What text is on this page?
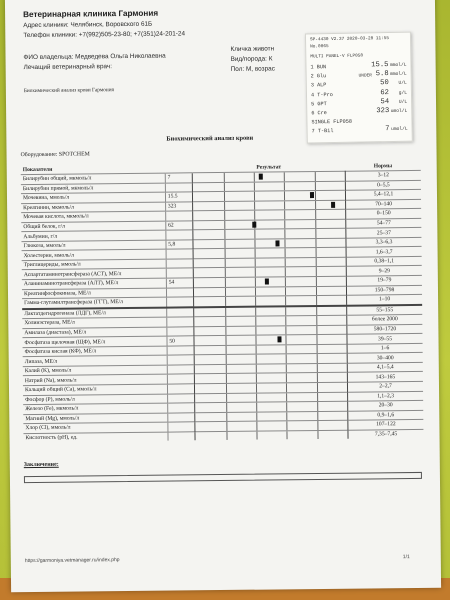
Ветеринарная клиника Гармония
Адрес клиники: Челябинск, Воровского 61Б
Телефон клиники: +7(992)505-23-80; +7(351)24-201-24
ФИО владельца: Медведева Ольга Николаевна
Лечащий ветеринарный врач:
Кличка животн
Вид/порода: К
Пол: М, возрас
Биохимический анализ крови Гармония
Биохимический анализ крови
Оборудование: SPOTCHEM
Показатели		Результат	Нормы
Билирубин общий, мкмоль/л	7		3–12
Билирубин прямой, мкмоль/л			0–5,5
Мочевина, ммоль/л	15.5		5,4–12,1
Креатинин, мкмоль/л	323		70–140
Мочевая кислота, мкмоль/л			0–150
Общий белок, г/л	62		54–77
Альбумин, г/л			25–37
Глюкоза, ммоль/л	5,8		3,3–6,3
Холестерин, ммоль/л			1,6–3,7
Триглицериды, ммоль/л			0,38–1,1
Аспартатаминотрансфераза (АСТ), МЕ/л			9–29
Аланинаминотрансфераза (АЛТ), МЕ/л	54		19–79
Креатинфосфокиназа, МЕ/л			150–798
Гамма-глутамилтрансфераза (ГГТ), МЕ/л			1–10
Лактатдегидрогеназа (ЛДГ), МЕ/л			55–155
Холинэстераза, МЕ/л			более 2000
Амилаза (диастаза), МЕ/л			580–1720
Фосфатаза щелочная (ЩФ), МЕ/л	50		39–55
Фосфатаза кислая (КФ), МЕ/л			1–6
Липаза, МЕ/л			30–400
Калий (K), ммоль/л			4,1–5,4
Натрий (Na), ммоль/л			143–165
Кальций общий (Ca), ммоль/л			2–2,7
Фосфор (P), ммоль/л			1,1–2,3
Железо (Fe), мкмоль/л			20–30
Магний (Mg), ммоль/л			0,9–1,6
Хлор (Cl), ммоль/л			107–122
Кислотность (pH), ед.			7,35–7,45
Заключение:
https://garmoniya.vetmanager.ru/index.php
1/1
SP-4430 V2.37 2020-03-28 11:55
No.0065
MULTI PANEL-V FLP058
UNDER
1 BUN	15.5 mmol/L
2 Glu	5.8 mmol/L
3 ALP	50 U/L
4 T-Pro	62 g/L
5 GPT	54 U/L
6 Cre	323 umol/L
SINGLE FLP058
7 T-Bil	7 umol/L
